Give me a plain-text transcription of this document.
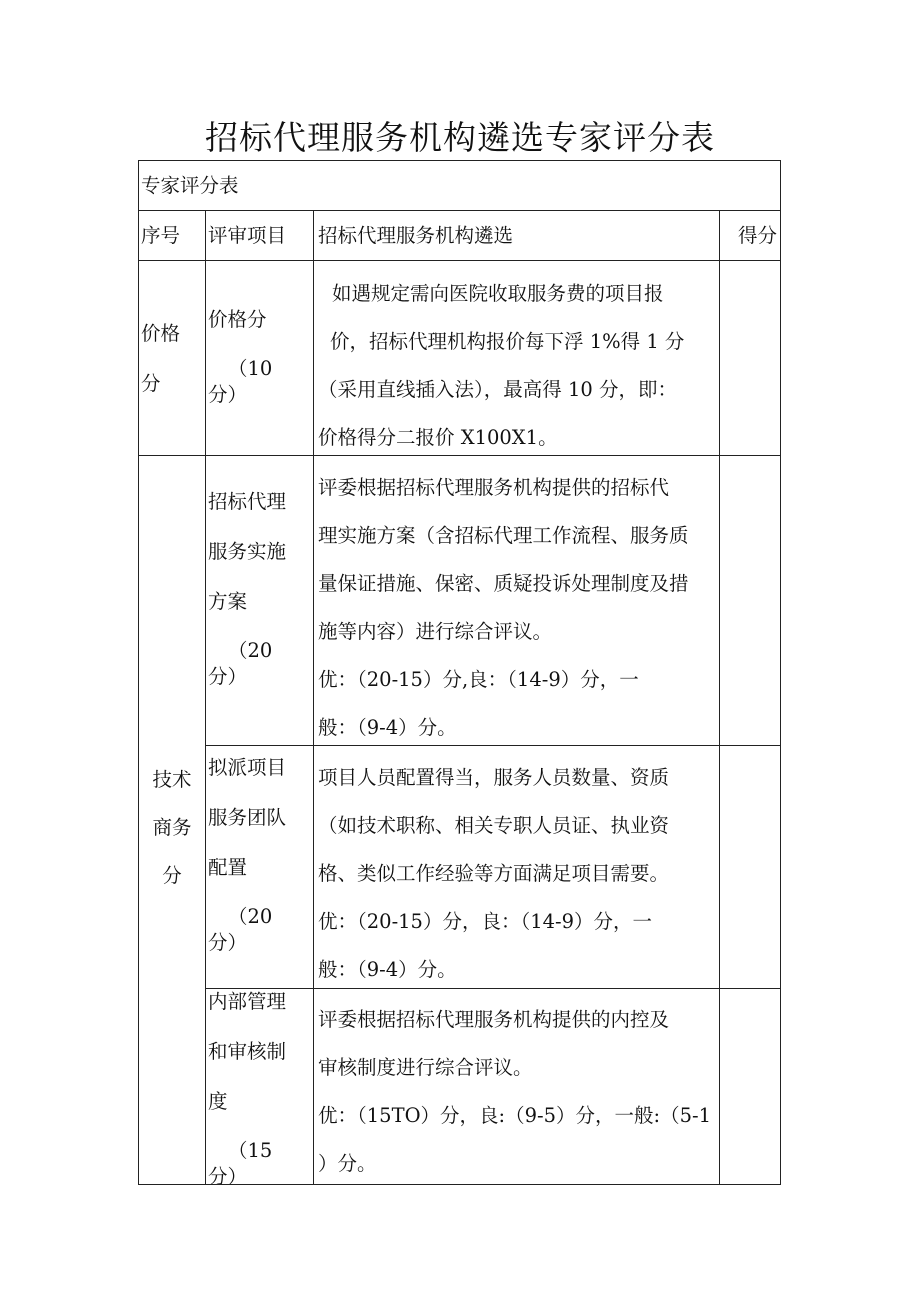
招标代理服务机构遴选专家评分表
专家评分表
序号 评审项目 招标代理服务机构遴选	得分
价格
分
价格分
（10
分）
如遇规定需向医院收取服务费的项目报
价，招标代理机构报价每下浮 1%得 1 分
（采用直线插入法），最高得 10 分，即：
价格得分二报价 X100X1。
技术
商务
分
招标代理
服务实施
方案
（20
分）
评委根据招标代理服务机构提供的招标代
理实施方案（含招标代理工作流程、服务质
量保证措施、保密、质疑投诉处理制度及措
施等内容）进行综合评议。
优：（20-15）分,良：（14-9）分，一
般：（9-4）分。
拟派项目
服务团队
配置
（20
分）
项目人员配置得当，服务人员数量、资质
（如技术职称、相关专职人员证、执业资
格、类似工作经验等方面满足项目需要。
优：（20-15）分，良：（14-9）分，一
般：（9-4）分。
内部管理
和审核制
度
（15
分）
评委根据招标代理服务机构提供的内控及
审核制度进行综合评议。
优：（15TO）分，良:（9-5）分，一般:（5-1
）分。
